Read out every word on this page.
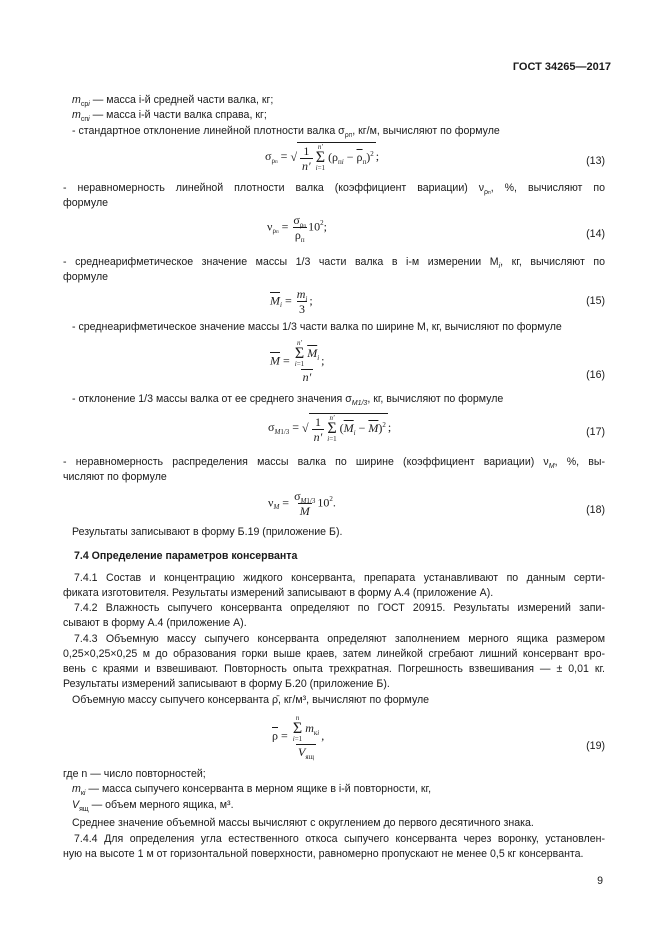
ГОСТ 34265—2017
$m_{срi}$ — масса i-й средней части валка, кг;
$m_{спi}$ — масса i-й части валка справа, кг;
- стандартное отклонение линейной плотности валка $\sigma_{\rho П}$, кг/м, вычисляют по формуле
$\sigma_{\rho п}$ = √ $\frac{1}{n'}$
n′
Σ
i=1
$(\rho_{пi} - \overline{\rho}_п)^2$ ;	(13)
- неравномерность линейной плотности валка (коэффициент вариации) $\nu_{\rho п}$, %, вычисляют по
формуле
$\nu_{\rho п} = \frac{\sigma_{\rho п}}{\rho_п} 10^2$;
(14)
- среднеарифметическое значение массы 1/3 части валка в i-м измерении $M_i$, кг, вычисляют по
формуле
$\overline{M}_i = \frac{m_i}{3}$ ;	(15)
- среднеарифметическое значение массы 1/3 части валка по ширине M, кг, вычисляют по формуле
$\overline{M} = n'$
Σ
i=1
$\overline{M}_i$
n′ ;
(16)
- отклонение 1/3 массы валка от ее среднего значения $\sigma_{M1/3}$, кг, вычисляют по формуле
$\sigma_{M1/3}$ = √ $\frac{1}{n'}$
n′
Σ
i=1
$(\overline{M}_i - \overline{M})^2$ ;	(17)
- неравномерность распределения массы валка по ширине (коэффициент вариации) $\nu_M$, %, вы-
числяют по формуле
$\nu_M = \frac{\sigma_{M1/3}}{M} 10^2$.
(18)
Результаты записывают в форму Б.19 (приложение Б).
7.4 Определение параметров консерванта
7.4.1 Состав и концентрацию жидкого консерванта, препарата устанавливают по данным серти-
фиката изготовителя. Результаты измерений записывают в форму А.4 (приложение А).
7.4.2 Влажность сыпучего консерванта определяют по ГОСТ 20915. Результаты измерений запи-
сывают в форму А.4 (приложение А).
7.4.3 Объемную массу сыпучего консерванта определяют заполнением мерного ящика размером
0,25×0,25×0,25 м до образования горки выше краев, затем линейкой сгребают лишний консервант вро-
вень с краями и взвешивают. Повторность опыта трехкратная. Погрешность взвешивания — ± 0,01 кг.
Результаты измерений записывают в форму Б.20 (приложение Б).
Объемную массу сыпучего консерванта ρ̄, кг/м³, вычисляют по формуле
$\overline{\rho} = n$
Σ
i=1
$m_{кi}$
$V_{ящ}$ ,
(19)
где n — число повторностей;
$m_{кi}$ — масса сыпучего консерванта в мерном ящике в i-й повторности, кг,
$V_{ящ}$ — объем мерного ящика, м³.
Среднее значение объемной массы вычисляют с округлением до первого десятичного знака.
7.4.4 Для определения угла естественного откоса сыпучего консерванта через воронку, установлен-
ную на высоте 1 м от горизонтальной поверхности, равномерно пропускают не менее 0,5 кг консерванта.
9
